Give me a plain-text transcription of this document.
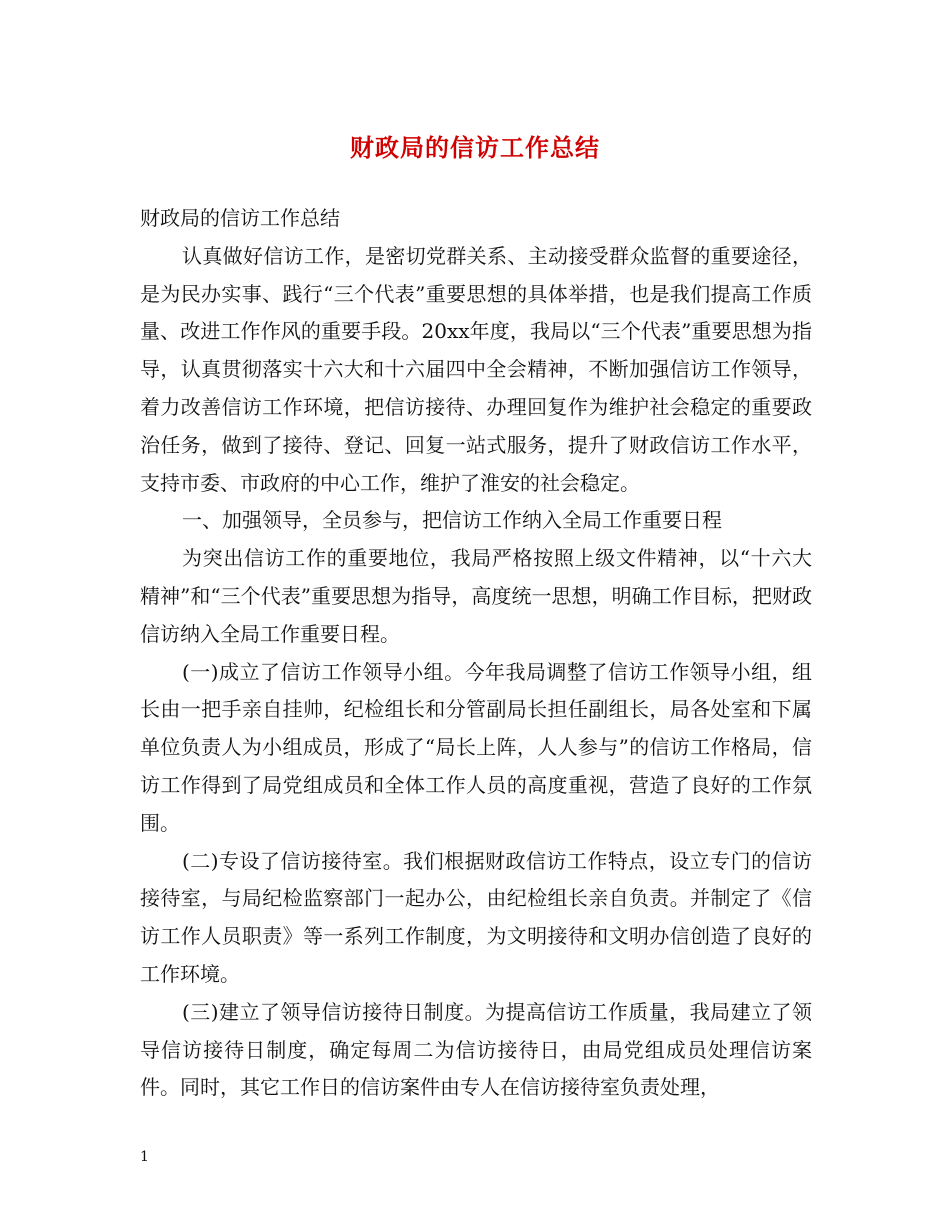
财政局的信访工作总结

财政局的信访工作总结

认真做好信访工作，是密切党群关系、主动接受群众监督的重要途径，是为民办实事、践行“三个代表”重要思想的具体举措，也是我们提高工作质量、改进工作作风的重要手段。20xx年度，我局以“三个代表”重要思想为指导，认真贯彻落实十六大和十六届四中全会精神，不断加强信访工作领导，着力改善信访工作环境，把信访接待、办理回复作为维护社会稳定的重要政治任务，做到了接待、登记、回复一站式服务，提升了财政信访工作水平，支持市委、市政府的中心工作，维护了淮安的社会稳定。

一、加强领导，全员参与，把信访工作纳入全局工作重要日程

为突出信访工作的重要地位，我局严格按照上级文件精神，以“十六大精神”和“三个代表”重要思想为指导，高度统一思想，明确工作目标，把财政信访纳入全局工作重要日程。

(一)成立了信访工作领导小组。今年我局调整了信访工作领导小组，组长由一把手亲自挂帅，纪检组长和分管副局长担任副组长，局各处室和下属单位负责人为小组成员，形成了“局长上阵，人人参与”的信访工作格局，信访工作得到了局党组成员和全体工作人员的高度重视，营造了良好的工作氛围。

(二)专设了信访接待室。我们根据财政信访工作特点，设立专门的信访接待室，与局纪检监察部门一起办公，由纪检组长亲自负责。并制定了《信访工作人员职责》等一系列工作制度，为文明接待和文明办信创造了良好的工作环境。

(三)建立了领导信访接待日制度。为提高信访工作质量，我局建立了领导信访接待日制度，确定每周二为信访接待日，由局党组成员处理信访案件。同时，其它工作日的信访案件由专人在信访接待室负责处理，

1
